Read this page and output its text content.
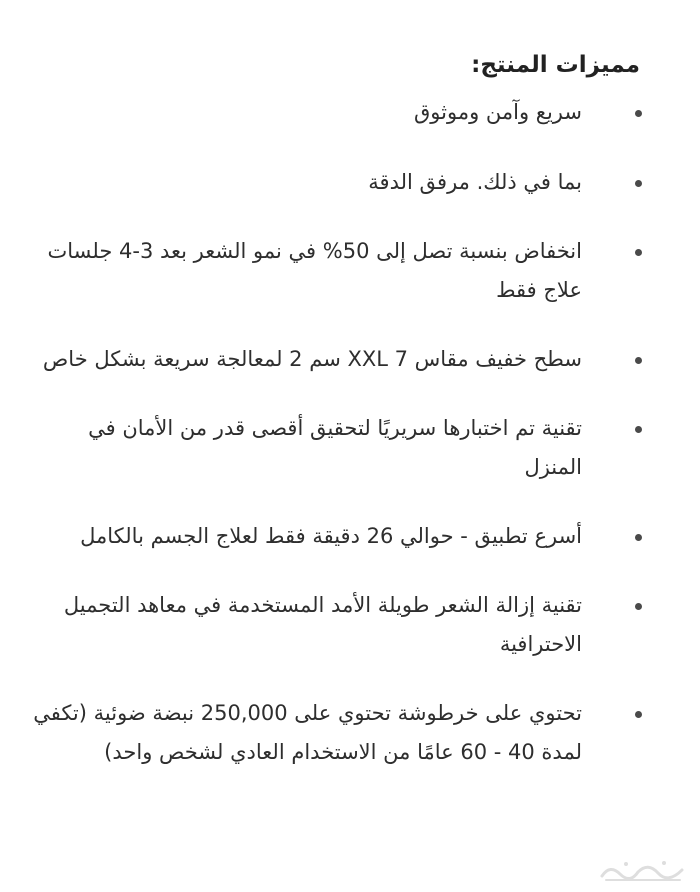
مميزات المنتج:
سريع وآمن وموثوق
بما في ذلك. مرفق الدقة
انخفاض بنسبة تصل إلى 50% في نمو الشعر بعد 3-4 جلسات علاج فقط
سطح خفيف مقاس XXL 7 سم 2 لمعالجة سريعة بشكل خاص
تقنية تم اختبارها سريريًا لتحقيق أقصى قدر من الأمان في المنزل
أسرع تطبيق - حوالي 26 دقيقة فقط لعلاج الجسم بالكامل
تقنية إزالة الشعر طويلة الأمد المستخدمة في معاهد التجميل الاحترافية
تحتوي على خرطوشة تحتوي على 250,000 نبضة ضوئية (تكفي لمدة 40 - 60 عامًا من الاستخدام العادي لشخص واحد)
